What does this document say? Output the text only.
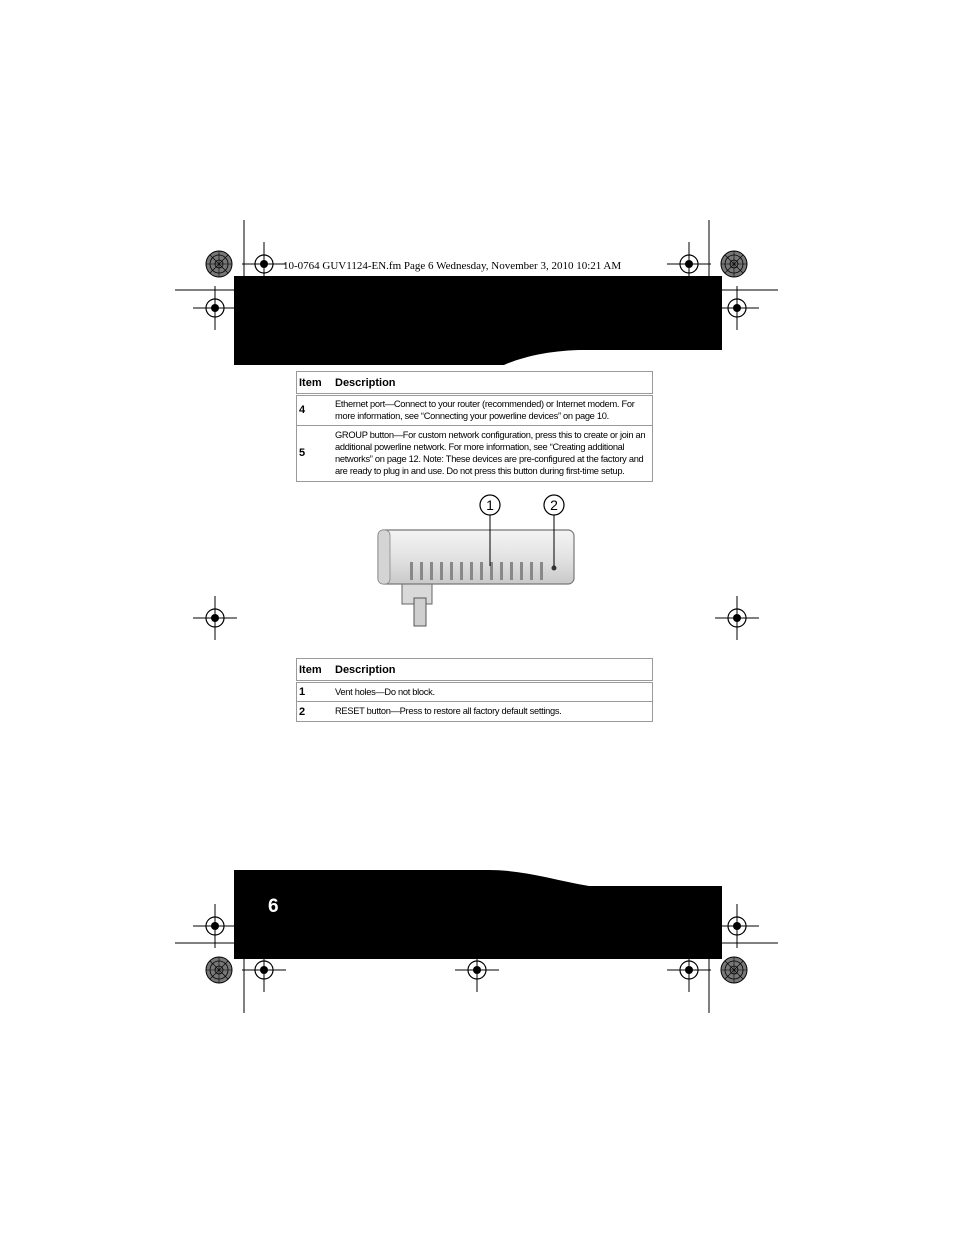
10-0764 GUV1124-EN.fm Page 6 Wednesday, November 3, 2010 10:21 AM
Item	Description
4	Ethernet port—Connect to your router (recommended) or Internet modem. For more information, see “Connecting your powerline devices” on page 10.
5	GROUP button—For custom network configuration, press this to create or join an additional powerline network. For more information, see “Creating additional networks” on page 12. Note: These devices are pre-configured at the factory and are ready to plug in and use. Do not press this button during first-time setup.
1	2
Item	Description
1	Vent holes—Do not block.
2	RESET button—Press to restore all factory default settings.
6
